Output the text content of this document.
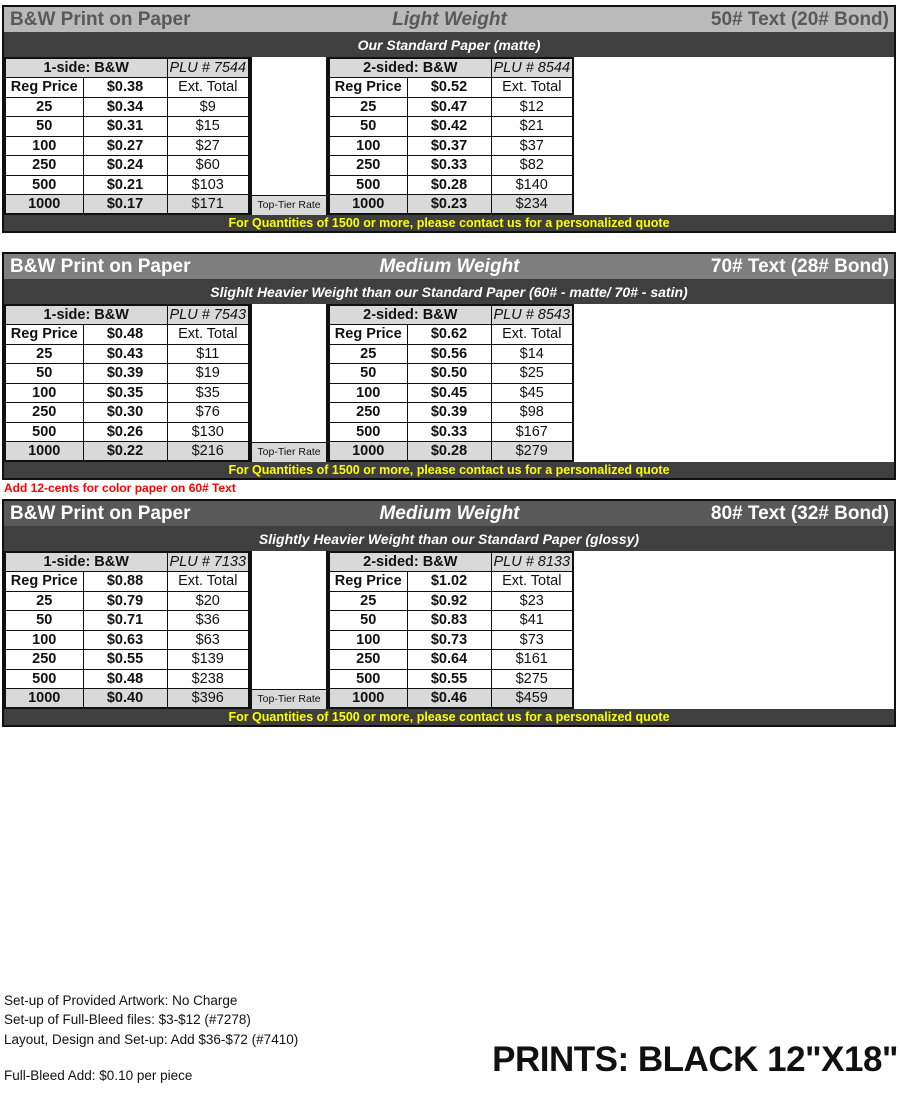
B&W Print on Paper	Light Weight	50# Text (20# Bond)
Our Standard Paper (matte)
1-side: B&W		PLU # 7544
Reg Price	$0.38	Ext. Total
25	$0.34	$9
50	$0.31	$15
100	$0.27	$27
250	$0.24	$60
500	$0.21	$103
1000	$0.17	$171	Top-Tier Rate
2-sided: B&W		PLU # 8544
Reg Price	$0.52	Ext. Total
25	$0.47	$12
50	$0.42	$21
100	$0.37	$37
250	$0.33	$82
500	$0.28	$140
1000	$0.23	$234
For Quantities of 1500 or more, please contact us for a personalized quote
B&W Print on Paper	Medium Weight	70# Text (28# Bond)
Slighlt Heavier Weight than our Standard Paper (60# - matte/ 70# - satin)
1-side: B&W		PLU # 7543
Reg Price	$0.48	Ext. Total
25	$0.43	$11
50	$0.39	$19
100	$0.35	$35
250	$0.30	$76
500	$0.26	$130
1000	$0.22	$216	Top-Tier Rate
2-sided: B&W		PLU # 8543
Reg Price	$0.62	Ext. Total
25	$0.56	$14
50	$0.50	$25
100	$0.45	$45
250	$0.39	$98
500	$0.33	$167
1000	$0.28	$279
For Quantities of 1500 or more, please contact us for a personalized quote
Add 12-cents for color paper on 60# Text
B&W Print on Paper	Medium Weight	80# Text (32# Bond)
Slightly Heavier Weight than our Standard Paper (glossy)
1-side: B&W		PLU # 7133
Reg Price	$0.88	Ext. Total
25	$0.79	$20
50	$0.71	$36
100	$0.63	$63
250	$0.55	$139
500	$0.48	$238
1000	$0.40	$396	Top-Tier Rate
2-sided: B&W		PLU # 8133
Reg Price	$1.02	Ext. Total
25	$0.92	$23
50	$0.83	$41
100	$0.73	$73
250	$0.64	$161
500	$0.55	$275
1000	$0.46	$459
For Quantities of 1500 or more, please contact us for a personalized quote
Set-up of Provided Artwork: No Charge
Set-up of Full-Bleed files: $3-$12 (#7278)
Layout, Design and Set-up: Add $36-$72 (#7410)
Full-Bleed Add: $0.10 per piece	PRINTS: BLACK 12"X18"
